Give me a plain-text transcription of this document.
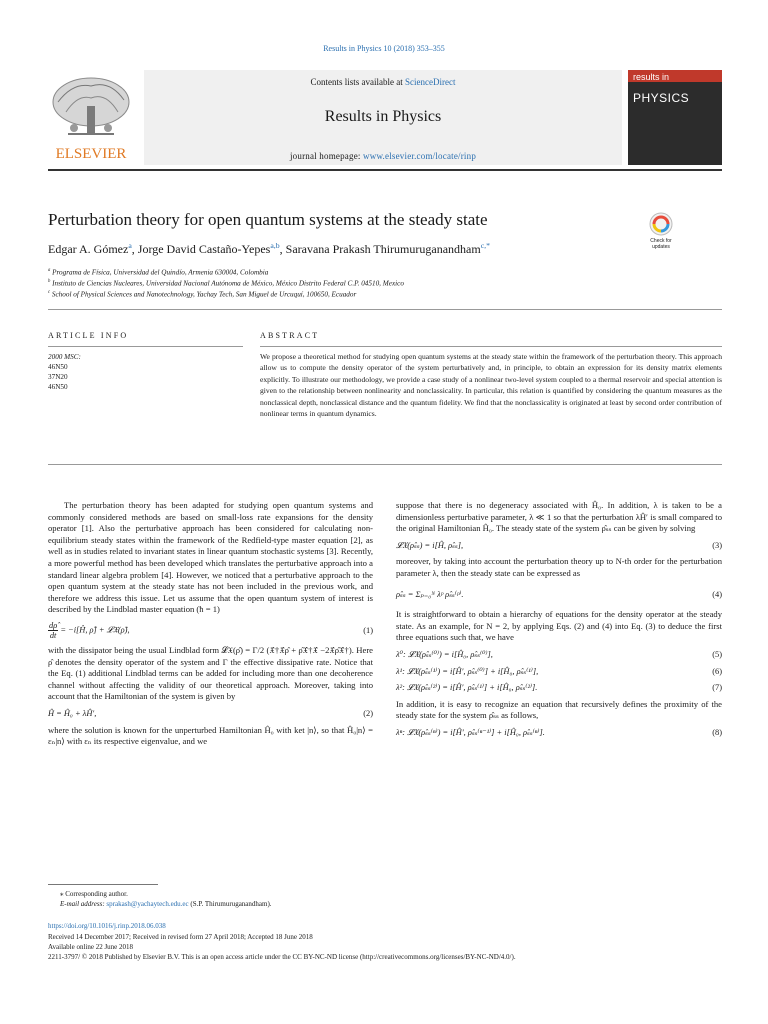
Results in Physics 10 (2018) 353–355
ELSEVIER
Contents lists available at ScienceDirect
Results in Physics
journal homepage: www.elsevier.com/locate/rinp
results in
PHYSICS
Perturbation theory for open quantum systems at the steady state
Edgar A. Gómez$^a$, Jorge David Castaño-Yepes$^{a,b}$, Saravana Prakash Thirumuruganandham$^{c,*}$	Check for updates
$^a$ Programa de Física, Universidad del Quindío, Armenia 630004, Colombia
$^b$ Instituto de Ciencias Nucleares, Universidad Nacional Autónoma de México, México Distrito Federal C.P. 04510, Mexico
$^c$ School of Physical Sciences and Nanotechnology, Yachay Tech, San Miguel de Urcuquí, 100650, Ecuador
ARTICLE INFO	ABSTRACT
2000 MSC:
46N50
37N20
46N50
We propose a theoretical method for studying open quantum systems at the steady state within the framework of the perturbation theory. This approach allow us to compute the density operator of the system perturbatively and, in principle, to obtain an expression for its density matrix elements explicitly. To illustrate our methodology, we provide a case study of a nonlinear two-level system coupled to a thermal reservoir and special attention is given to the relationship between nonlinearity and nonclassicality. In particular, this relation is quantified by considering the quantum measures as the nonclassical depth, nonclassical distance and the quantum fidelity. We find that the nonclassicality is originated at least by second order contribution of nonlinear terms in quantum dynamics.

The perturbation theory has been adapted for studying open quantum systems and commonly considered methods are based on small-loss rate expansions for the density operator [1]. Also the perturbative approach has been considered for calculating non-equilibrium steady states within the framework of the Redfield-type master equation [2], as well as in studies related to invariant states in linear quantum stochastic systems [3]. Recently, a more powerful method has been developed which translates the perturbative approach into a standard linear algebra problem [4]. However, we noticed that a perturbative approach to the open quantum system at the steady state has not been included in the previous work, and therefore we address this issue. Let us assume that the open quantum system of interest is described by the Lindblad master equation (ħ = 1)

$\frac{d\rhô}{dt}$ = −i[Ĥ, ρ̂] + 𝓛𝔛(ρ̂),	(1)

with the dissipator being the usual Lindblad form 𝓛𝔛(ρ̂) = Γ/2 (𝔛̂†𝔛̂ρ̂ + ρ̂𝔛̂†𝔛̂ −2𝔛̂ρ̂𝔛̂†). Here ρ̂ denotes the density operator of the system and Γ the effective dissipative rate. Notice that the Eq. (1) additional Lindblad terms can be added for including more than one decoherence channel without affecting the validity of our theoretical approach. Moreover, taking into account that the Hamiltonian of the system is given by

Ĥ = Ĥ₀ + λĤ′,	(2)

where the solution is known for the unperturbed Hamiltonian Ĥ₀ with ket |n⟩, so that Ĥ₀|n⟩ = εₙ|n⟩ with εₙ its respective eigenvalue, and we

suppose that there is no degeneracy associated with Ĥ₀. In addition, λ is taken to be a dimensionless perturbative parameter, λ ≪ 1 so that the perturbation λĤ′ is small compared to the original Hamiltonian Ĥ₀. The steady state of the system ρ̂ₛₛ can be given by solving

𝓛𝔛(ρ̂ₛₛ) = i[Ĥ, ρ̂ₛₛ],	(3)

moreover, by taking into account the perturbation theory up to N-th order for the perturbation parameter λ, then the steady state can be expressed as

ρ̂ₛₛ = Σₚ₌₀ᴺ λᵖ ρ̂ₛₛ⁽ᵖ⁾.	(4)

It is straightforward to obtain a hierarchy of equations for the density operator at the steady state. As an example, for N = 2, by applying Eqs. (2) and (4) into Eq. (3) to deduce the first three equations such that, we have

λ⁰: 𝓛𝔛(ρ̂ₛₛ⁽⁰⁾) = i[Ĥ₀, ρ̂ₛₛ⁽⁰⁾],	(5)
λ¹: 𝓛𝔛(ρ̂ₛₛ⁽¹⁾) = i[Ĥ′, ρ̂ₛₛ⁽⁰⁾] + i[Ĥ₀, ρ̂ₛₛ⁽¹⁾],	(6)
λ²: 𝓛𝔛(ρ̂ₛₛ⁽²⁾) = i[Ĥ′, ρ̂ₛₛ⁽¹⁾] + i[Ĥ₀, ρ̂ₛₛ⁽²⁾].	(7)

In addition, it is easy to recognize an equation that recursively defines the proximity of the steady state for the system ρ̂ₛₛ as follows,

λⁿ: 𝓛𝔛(ρ̂ₛₛ⁽ⁿ⁾) = i[Ĥ′, ρ̂ₛₛ⁽ⁿ⁻¹⁾] + i[Ĥ₀, ρ̂ₛₛ⁽ⁿ⁾].	(8)
⁎ Corresponding author.
E-mail address: sprakash@yachaytech.edu.ec (S.P. Thirumuruganandham).
https://doi.org/10.1016/j.rinp.2018.06.038
Received 14 December 2017; Received in revised form 27 April 2018; Accepted 18 June 2018
Available online 22 June 2018
2211-3797/ © 2018 Published by Elsevier B.V. This is an open access article under the CC BY-NC-ND license (http://creativecommons.org/licenses/BY-NC-ND/4.0/).
